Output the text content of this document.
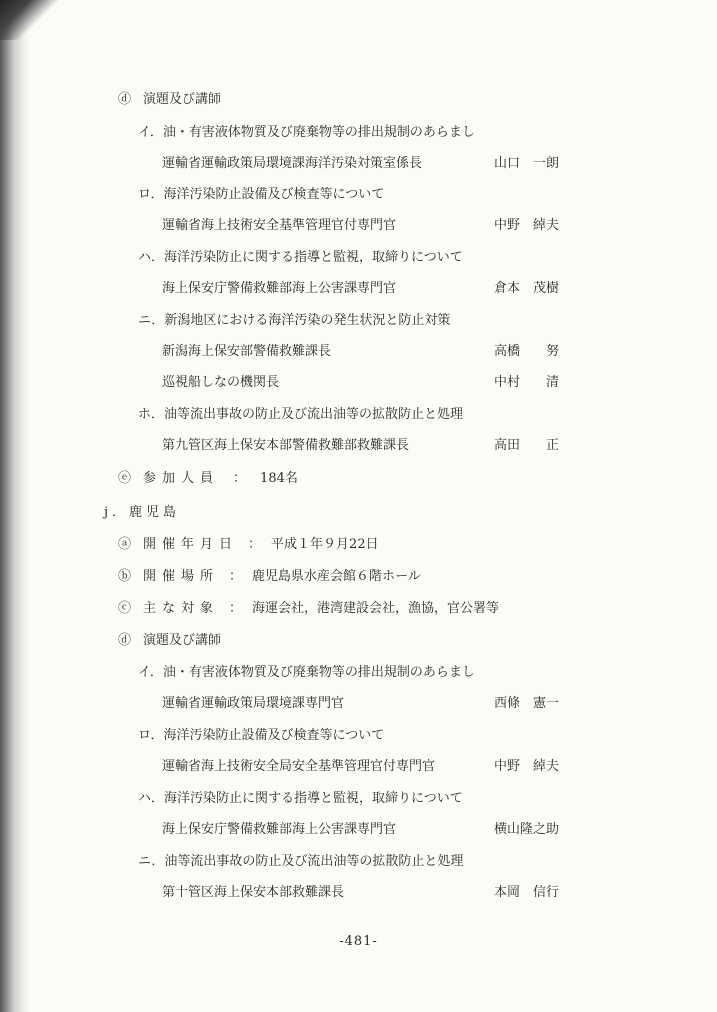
ⓓ 演題及び講師
イ．油・有害液体物質及び廃棄物等の排出規制のあらまし
運輸省運輸政策局環境課海洋汚染対策室係長	山口　一朗
ロ．海洋汚染防止設備及び検査等について
運輸省海上技術安全基準管理官付専門官	中野　綽夫
ハ．海洋汚染防止に関する指導と監視，取締りについて
海上保安庁警備救難部海上公害課専門官	倉本　茂樹
ニ．新潟地区における海洋汚染の発生状況と防止対策
新潟海上保安部警備救難課長	高橋　　努
巡視船しなの機関長	中村　　清
ホ．油等流出事故の防止及び流出油等の拡散防止と処理
第九管区海上保安本部警備救難部救難課長	高田　　正
ⓔ 参加人員 ： 184名
j．鹿児島
ⓐ 開催年月日 ： 平成１年９月22日
ⓑ 開催場所 ： 鹿児島県水産会館６階ホール
ⓒ 主な対象 ： 海運会社，港湾建設会社，漁協，官公署等
ⓓ 演題及び講師
イ．油・有害液体物質及び廃棄物等の排出規制のあらまし
運輸省運輸政策局環境課専門官	西條　憲一
ロ．海洋汚染防止設備及び検査等について
運輸省海上技術安全局安全基準管理官付専門官	中野　綽夫
ハ．海洋汚染防止に関する指導と監視，取締りについて
海上保安庁警備救難部海上公害課専門官	横山隆之助
ニ．油等流出事故の防止及び流出油等の拡散防止と処理
第十管区海上保安本部救難課長	本岡　信行
-481-
